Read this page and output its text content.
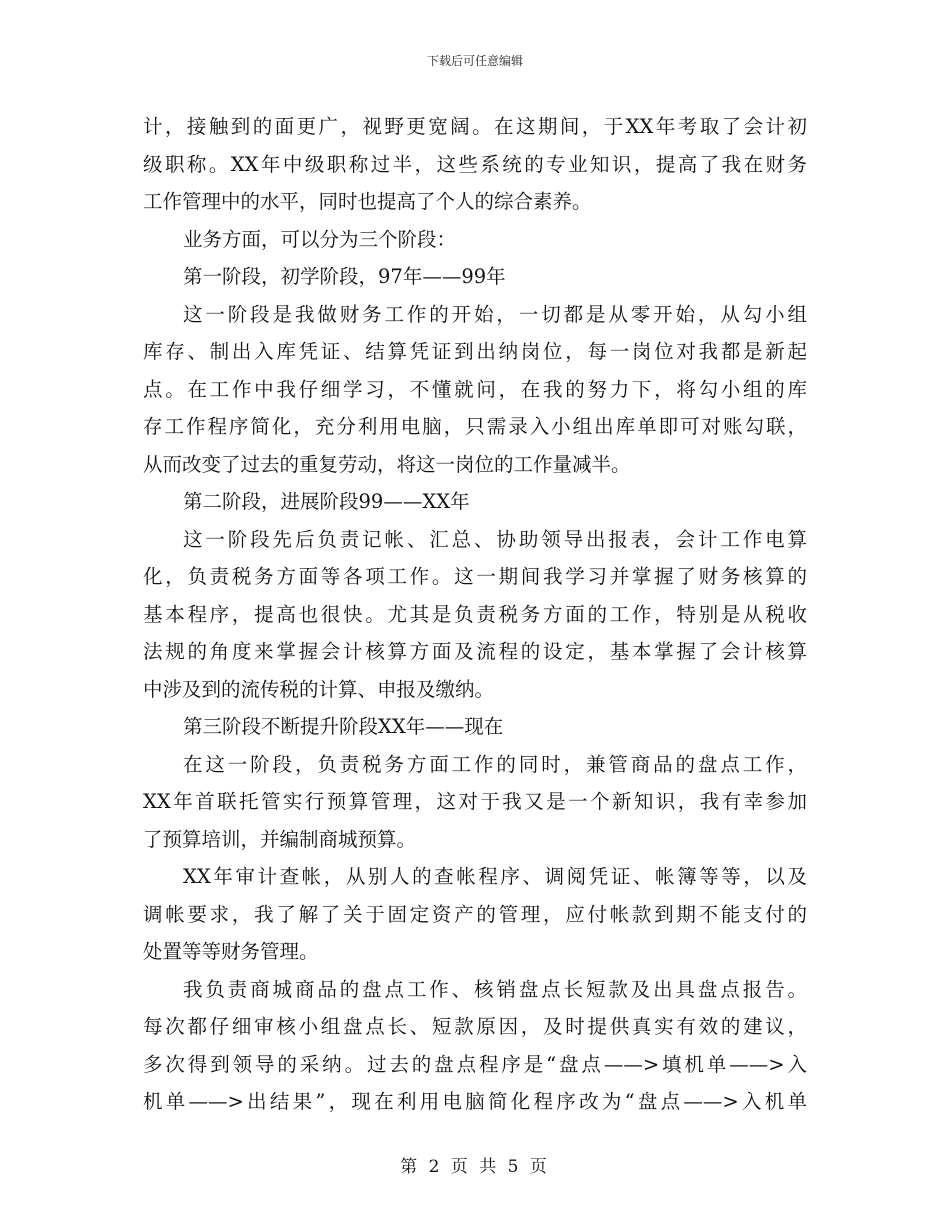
下载后可任意编辑
计，接触到的面更广，视野更宽阔。在这期间，于XX年考取了会计初
级职称。XX年中级职称过半，这些系统的专业知识，提高了我在财务
工作管理中的水平，同时也提高了个人的综合素养。
业务方面，可以分为三个阶段：
第一阶段，初学阶段，97年——99年
这一阶段是我做财务工作的开始，一切都是从零开始，从勾小组
库存、制出入库凭证、结算凭证到出纳岗位，每一岗位对我都是新起
点。在工作中我仔细学习，不懂就问，在我的努力下，将勾小组的库
存工作程序简化，充分利用电脑，只需录入小组出库单即可对账勾联，
从而改变了过去的重复劳动，将这一岗位的工作量减半。
第二阶段，进展阶段99——XX年
这一阶段先后负责记帐、汇总、协助领导出报表，会计工作电算
化，负责税务方面等各项工作。这一期间我学习并掌握了财务核算的
基本程序，提高也很快。尤其是负责税务方面的工作，特别是从税收
法规的角度来掌握会计核算方面及流程的设定，基本掌握了会计核算
中涉及到的流传税的计算、申报及缴纳。
第三阶段不断提升阶段XX年——现在
在这一阶段，负责税务方面工作的同时，兼管商品的盘点工作，
XX年首联托管实行预算管理，这对于我又是一个新知识，我有幸参加
了预算培训，并编制商城预算。
XX年审计查帐，从别人的查帐程序、调阅凭证、帐簿等等，以及
调帐要求，我了解了关于固定资产的管理，应付帐款到期不能支付的
处置等等财务管理。
我负责商城商品的盘点工作、核销盘点长短款及出具盘点报告。
每次都仔细审核小组盘点长、短款原因，及时提供真实有效的建议，
多次得到领导的采纳。过去的盘点程序是“盘点——>填机单——>入
机单——>出结果”，现在利用电脑简化程序改为“盘点——>入机单
第 2 页 共 5 页
